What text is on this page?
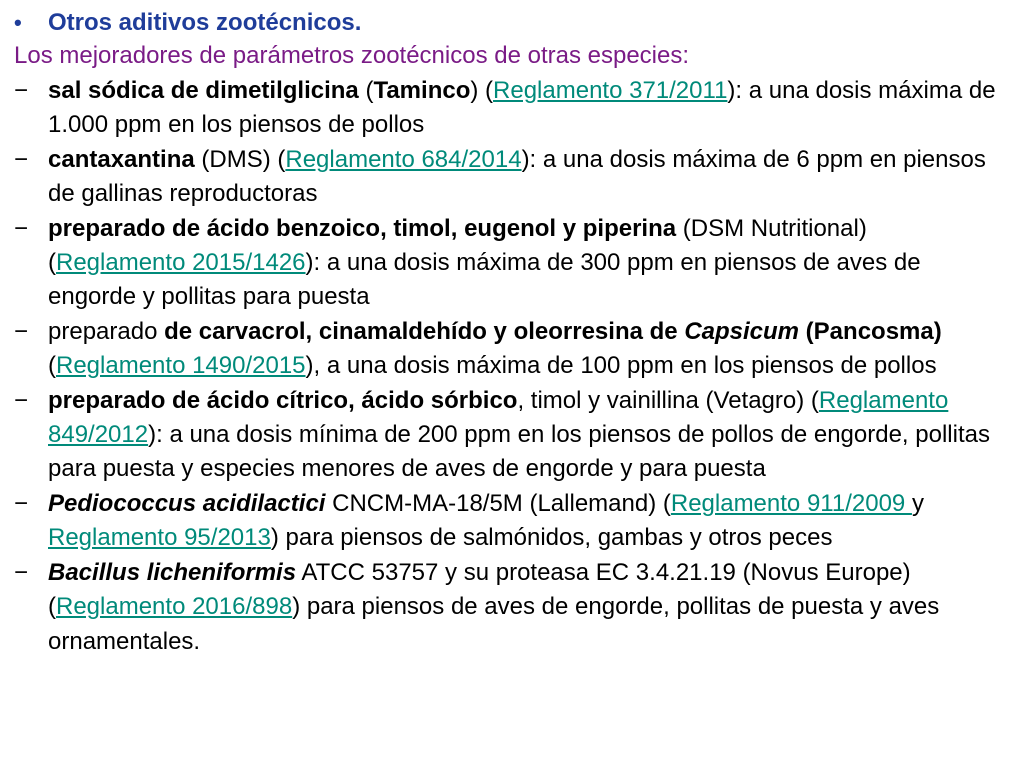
•	Otros aditivos zootécnicos.
Los mejoradores de parámetros zootécnicos de otras especies:
− sal sódica de dimetilglicina (Taminco) (Reglamento 371/2011): a una dosis máxima de 1.000 ppm en los piensos de pollos
− cantaxantina (DMS) (Reglamento 684/2014): a una dosis máxima de 6 ppm en piensos de gallinas reproductoras
− preparado de ácido benzoico, timol, eugenol y piperina (DSM Nutritional) (Reglamento 2015/1426): a una dosis máxima de 300 ppm en piensos de aves de engorde y pollitas para puesta
− preparado de carvacrol, cinamaldehído y oleorresina de Capsicum (Pancosma) (Reglamento 1490/2015), a una dosis máxima de 100 ppm en los piensos de pollos
− preparado de ácido cítrico, ácido sórbico, timol y vainillina (Vetagro) (Reglamento 849/2012): a una dosis mínima de 200 ppm en los piensos de pollos de engorde, pollitas para puesta y especies menores de aves de engorde y para puesta
− Pediococcus acidilactici CNCM-MA-18/5M (Lallemand) (Reglamento 911/2009 y Reglamento 95/2013) para piensos de salmónidos, gambas y otros peces
− Bacillus licheniformis ATCC 53757 y su proteasa EC 3.4.21.19 (Novus Europe) (Reglamento 2016/898) para piensos de aves de engorde, pollitas de puesta y aves ornamentales.
